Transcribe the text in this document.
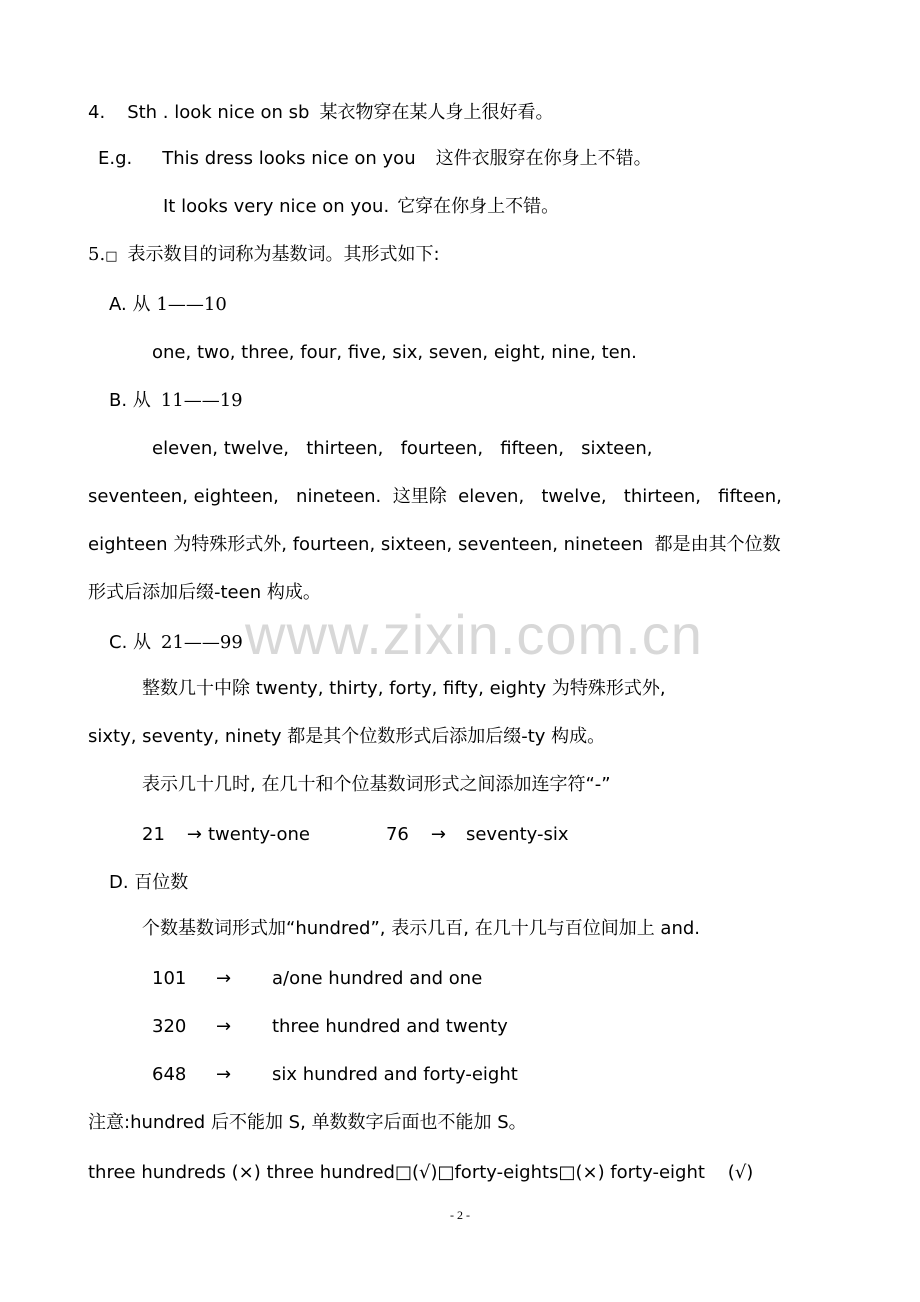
www.zixin.com.cn
4. Sth . look nice on sb 某衣物穿在某人身上很好看。
E.g. This dress looks nice on you 这件衣服穿在你身上不错。
It looks very nice on you. 它穿在你身上不错。
5.□ 表示数目的词称为基数词。其形式如下:
A. 从 1——10
one, two, three, four, five, six, seven, eight, nine, ten.
B. 从 11——19
eleven, twelve,   thirteen,   fourteen,   fifteen,   sixteen,
seventeen, eighteen,   nineteen.  这里除  eleven,   twelve,   thirteen,   fifteen,
eighteen 为特殊形式外, fourteen, sixteen, seventeen, nineteen  都是由其个位数
形式后添加后缀-teen 构成。
C. 从 21——99
整数几十中除 twenty, thirty, forty, fifty, eighty 为特殊形式外,
sixty, seventy, ninety 都是其个位数形式后添加后缀-ty 构成。
表示几十几时, 在几十和个位基数词形式之间添加连字符“-”
21 → twenty-one	76 → seventy-six
D. 百位数
个数基数词形式加“hundred”, 表示几百, 在几十几与百位间加上 and.
101 → a/one hundred and one
320 → three hundred and twenty
648 → six hundred and forty-eight
注意:hundred 后不能加 S, 单数数字后面也不能加 S。
three hundreds (×) three hundred□(√)□forty-eights□(×) forty-eight    (√)
- 2 -
